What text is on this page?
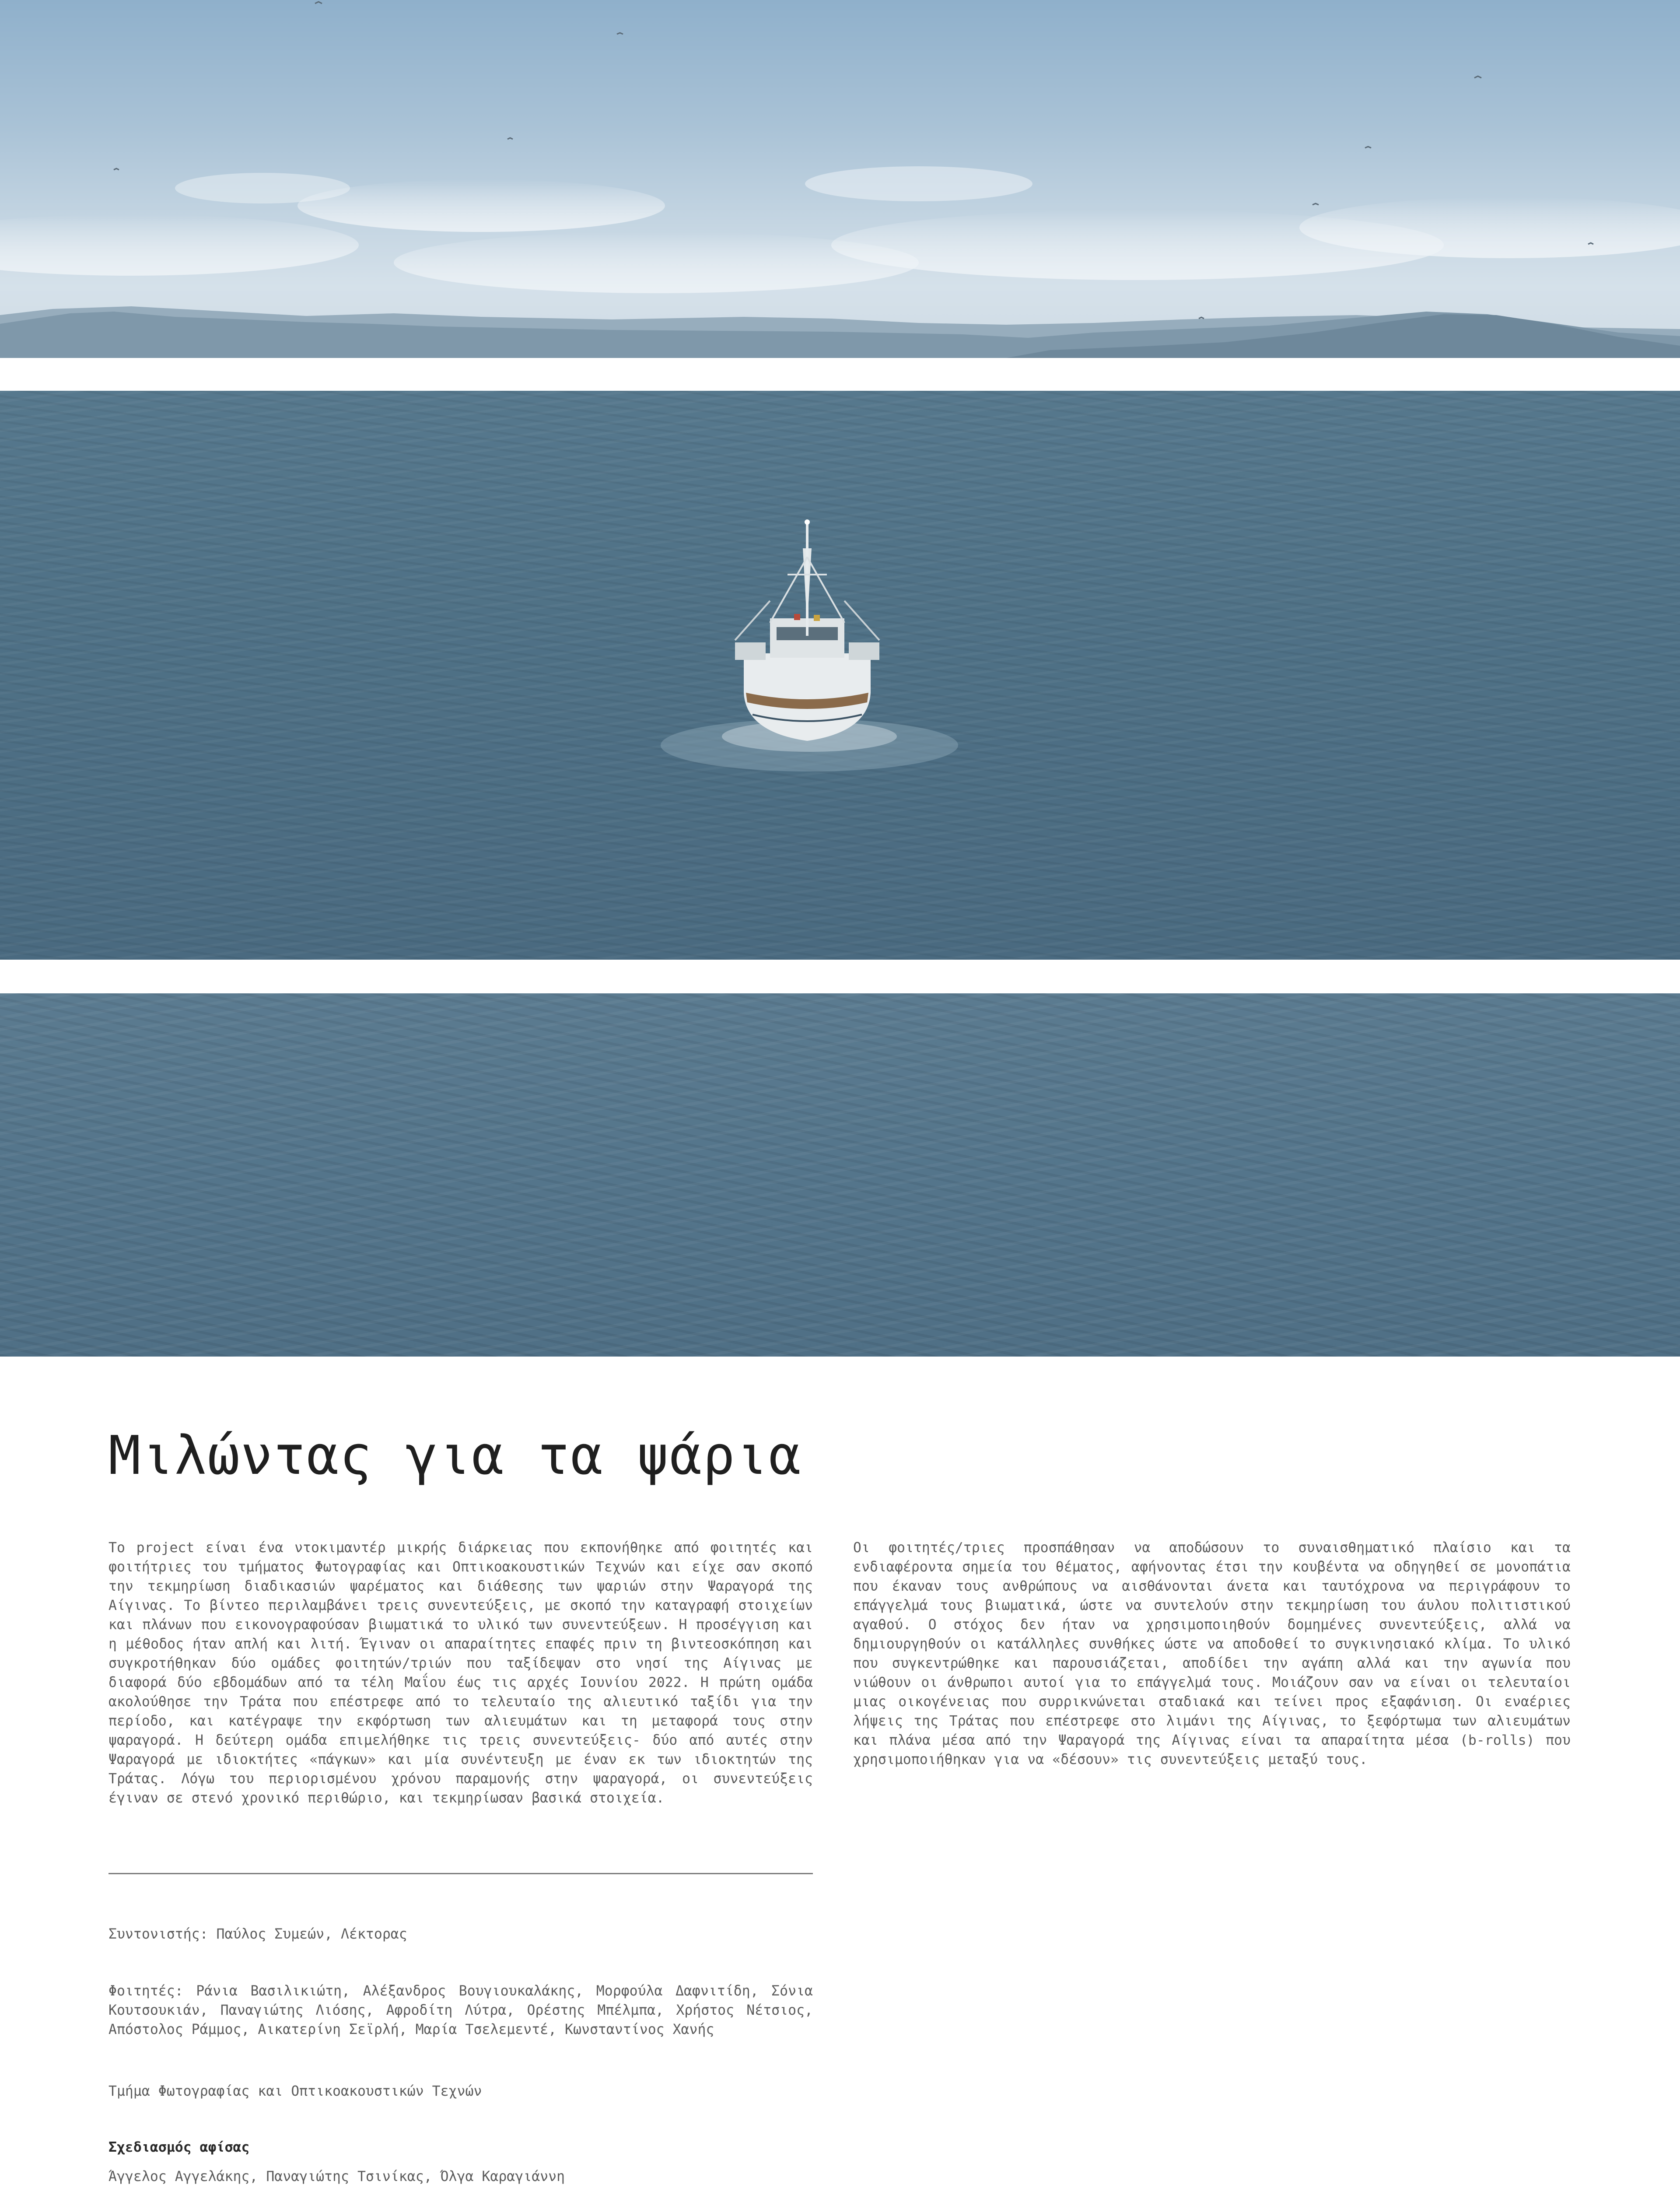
Μιλώντας για τα ψάρια

Το project είναι ένα ντοκιμαντέρ μικρής διάρκειας που εκπονήθηκε από φοιτητές και φοιτήτριες του τμήματος Φωτογραφίας και Οπτικοακουστικών Τεχνών και είχε σαν σκοπό την τεκμηρίωση διαδικασιών ψαρέματος και διάθεσης των ψαριών στην Ψαραγορά της Αίγινας. Το βίντεο περιλαμβάνει τρεις συνεντεύξεις, με σκοπό την καταγραφή στοιχείων και πλάνων που εικονογραφούσαν βιωματικά το υλικό των συνεντεύξεων. Η προσέγγιση και η μέθοδος ήταν απλή και λιτή. Έγιναν οι απαραίτητες επαφές πριν τη βιντεοσκόπηση και συγκροτήθηκαν δύο ομάδες φοιτητών/τριών που ταξίδεψαν στο νησί της Αίγινας με διαφορά δύο εβδομάδων από τα τέλη Μαΐου έως τις αρχές Ιουνίου 2022. Η πρώτη ομάδα ακολούθησε την Τράτα που επέστρεφε από το τελευταίο της αλιευτικό ταξίδι για την περίοδο, και κατέγραψε την εκφόρτωση των αλιευμάτων και τη μεταφορά τους στην ψαραγορά. Η δεύτερη ομάδα επιμελήθηκε τις τρεις συνεντεύξεις- δύο από αυτές στην Ψαραγορά με ιδιοκτήτες «πάγκων» και μία συνέντευξη με έναν εκ των ιδιοκτητών της Τράτας. Λόγω του περιορισμένου χρόνου παραμονής στην ψαραγορά, οι συνεντεύξεις έγιναν σε στενό χρονικό περιθώριο, και τεκμηρίωσαν βασικά στοιχεία.

Οι φοιτητές/τριες προσπάθησαν να αποδώσουν το συναισθηματικό πλαίσιο και τα ενδιαφέροντα σημεία του θέματος, αφήνοντας έτσι την κουβέντα να οδηγηθεί σε μονοπάτια που έκαναν τους ανθρώπους να αισθάνονται άνετα και ταυτόχρονα να περιγράφουν το επάγγελμά τους βιωματικά, ώστε να συντελούν στην τεκμηρίωση του άυλου πολιτιστικού αγαθού. Ο στόχος δεν ήταν να χρησιμοποιηθούν δομημένες συνεντεύξεις, αλλά να δημιουργηθούν οι κατάλληλες συνθήκες ώστε να αποδοθεί το συγκινησιακό κλίμα. Το υλικό που συγκεντρώθηκε και παρουσιάζεται, αποδίδει την αγάπη αλλά και την αγωνία που νιώθουν οι άνθρωποι αυτοί για το επάγγελμά τους. Μοιάζουν σαν να είναι οι τελευταίοι μιας οικογένειας που συρρικνώνεται σταδιακά και τείνει προς εξαφάνιση. Οι εναέριες λήψεις της Τράτας που επέστρεφε στο λιμάνι της Αίγινας, το ξεφόρτωμα των αλιευμάτων και πλάνα μέσα από την Ψαραγορά της Αίγινας είναι τα απαραίτητα μέσα (b-rolls) που χρησιμοποιήθηκαν για να «δέσουν» τις συνεντεύξεις μεταξύ τους.

Συντονιστής: Παύλος Συμεών, Λέκτορας

Φοιτητές: Ράνια Βασιλικιώτη, Αλέξανδρος Βουγιουκαλάκης, Μορφούλα Δαφνιτίδη, Σόνια Κουτσουκιάν, Παναγιώτης Λιόσης, Αφροδίτη Λύτρα, Ορέστης Μπέλμπα, Χρήστος Νέτσιος, Απόστολος Ράμμος, Αικατερίνη Σεϊρλή, Μαρία Τσελεμεντέ, Κωνσταντίνος Χανής

Τμήμα Φωτογραφίας και Οπτικοακουστικών Τεχνών

Σχεδιασμός αφίσας

Άγγελος Αγγελάκης, Παναγιώτης Τσινίκας, Όλγα Καραγιάννη
